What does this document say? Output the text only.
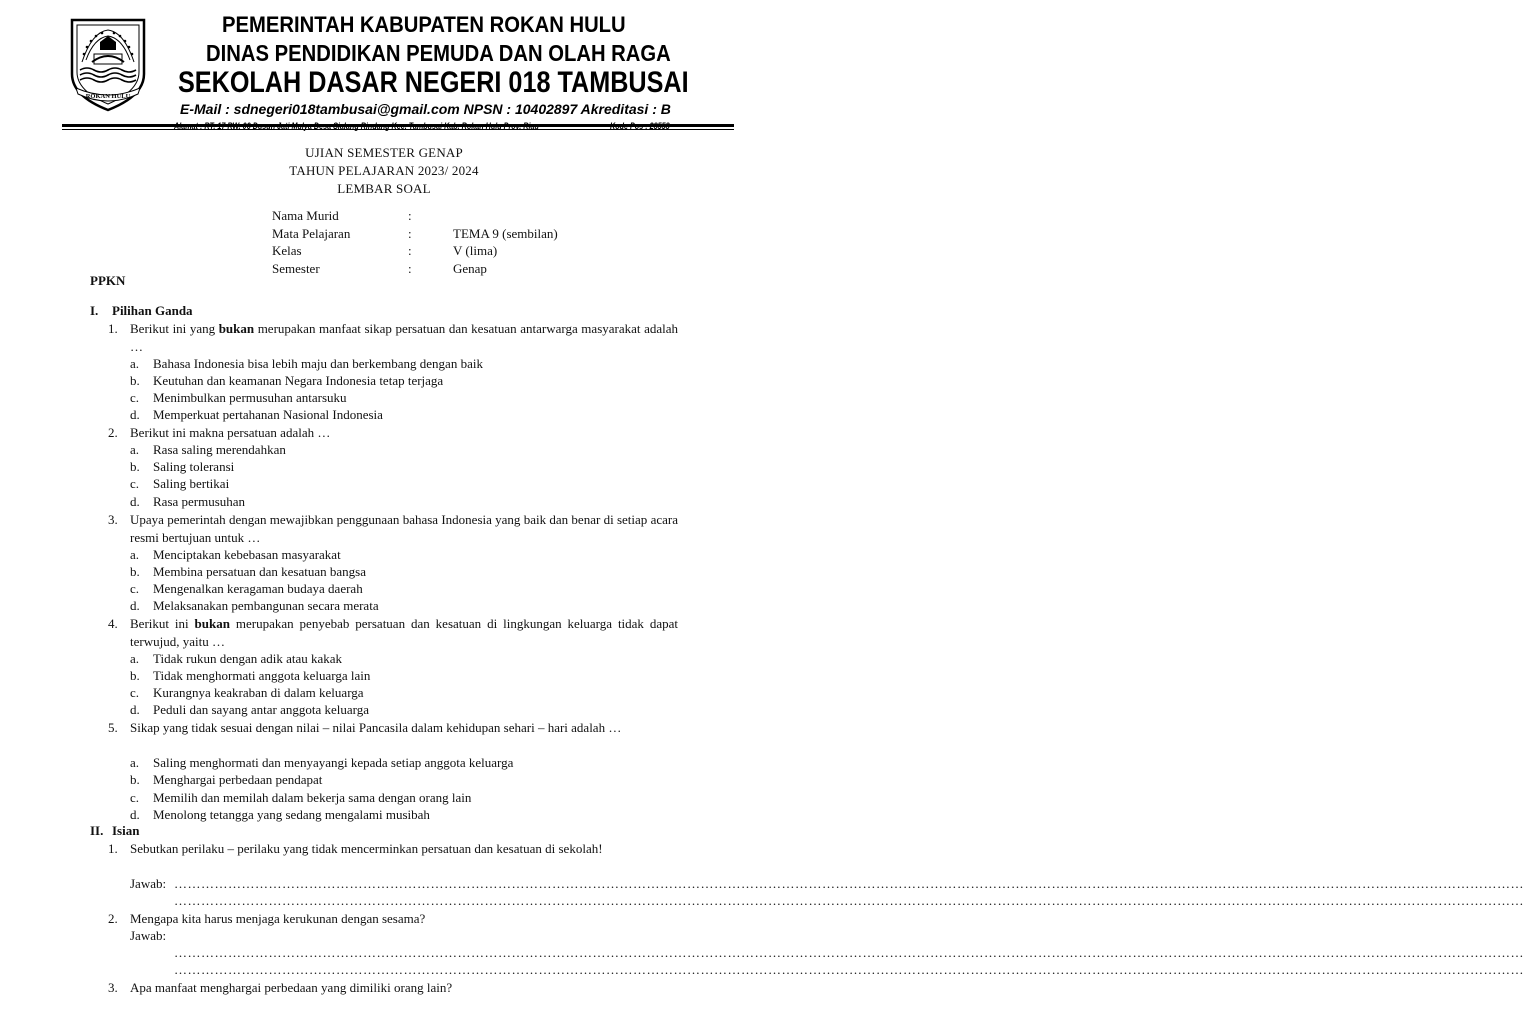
ROKAN HULU
PEMERINTAH KABUPATEN ROKAN HULU
DINAS PENDIDIKAN PEMUDA DAN OLAH RAGA
SEKOLAH DASAR NEGERI 018 TAMBUSAI
E-Mail : sdnegeri018tambusai@gmail.com NPSN : 10402897 Akreditasi : B
UJIAN SEMESTER GENAP
TAHUN PELAJARAN 2023/ 2024
LEMBAR SOAL
Nama Murid	:
Mata Pelajaran	:	TEMA 9 (sembilan)
Kelas	:	V (lima)
Semester	:	Genap
PPKN
I. Pilihan Ganda
1. Berikut ini yang bukan merupakan manfaat sikap persatuan dan kesatuan antarwarga masyarakat adalah …
a. Bahasa Indonesia bisa lebih maju dan berkembang dengan baik
b. Keutuhan dan keamanan Negara Indonesia tetap terjaga
c. Menimbulkan permusuhan antarsuku
d. Memperkuat pertahanan Nasional Indonesia
2. Berikut ini makna persatuan adalah …
a. Rasa saling merendahkan
b. Saling toleransi
c. Saling bertikai
d. Rasa permusuhan
3. Upaya pemerintah dengan mewajibkan penggunaan bahasa Indonesia yang baik dan benar di setiap acara resmi bertujuan untuk …
a. Menciptakan kebebasan masyarakat
b. Membina persatuan dan kesatuan bangsa
c. Mengenalkan keragaman budaya daerah
d. Melaksanakan pembangunan secara merata
4. Berikut ini bukan merupakan penyebab persatuan dan kesatuan di lingkungan keluarga tidak dapat terwujud, yaitu …
a. Tidak rukun dengan adik atau kakak
b. Tidak menghormati anggota keluarga lain
c. Kurangnya keakraban di dalam keluarga
d. Peduli dan sayang antar anggota keluarga
5. Sikap yang tidak sesuai dengan nilai – nilai Pancasila dalam kehidupan sehari – hari adalah …
a. Saling menghormati dan menyayangi kepada setiap anggota keluarga
b. Menghargai perbedaan pendapat
c. Memilih dan memilah dalam bekerja sama dengan orang lain
d. Menolong tetangga yang sedang mengalami musibah
II. Isian
1. Sebutkan perilaku – perilaku yang tidak mencerminkan persatuan dan kesatuan di sekolah!
Jawab: …………………………………………………………………………………………………………………………………………………………………………………………………………………………………………………………………………
…………………………………………………………………………………………………………………………………………………………………………………………………………………………………………………………………………
2. Mengapa kita harus menjaga kerukunan dengan sesama?
Jawab:
…………………………………………………………………………………………………………………………………………………………………………………………………………………………………………………………………………
…………………………………………………………………………………………………………………………………………………………………………………………………………………………………………………………………………
3. Apa manfaat menghargai perbedaan yang dimiliki orang lain?
